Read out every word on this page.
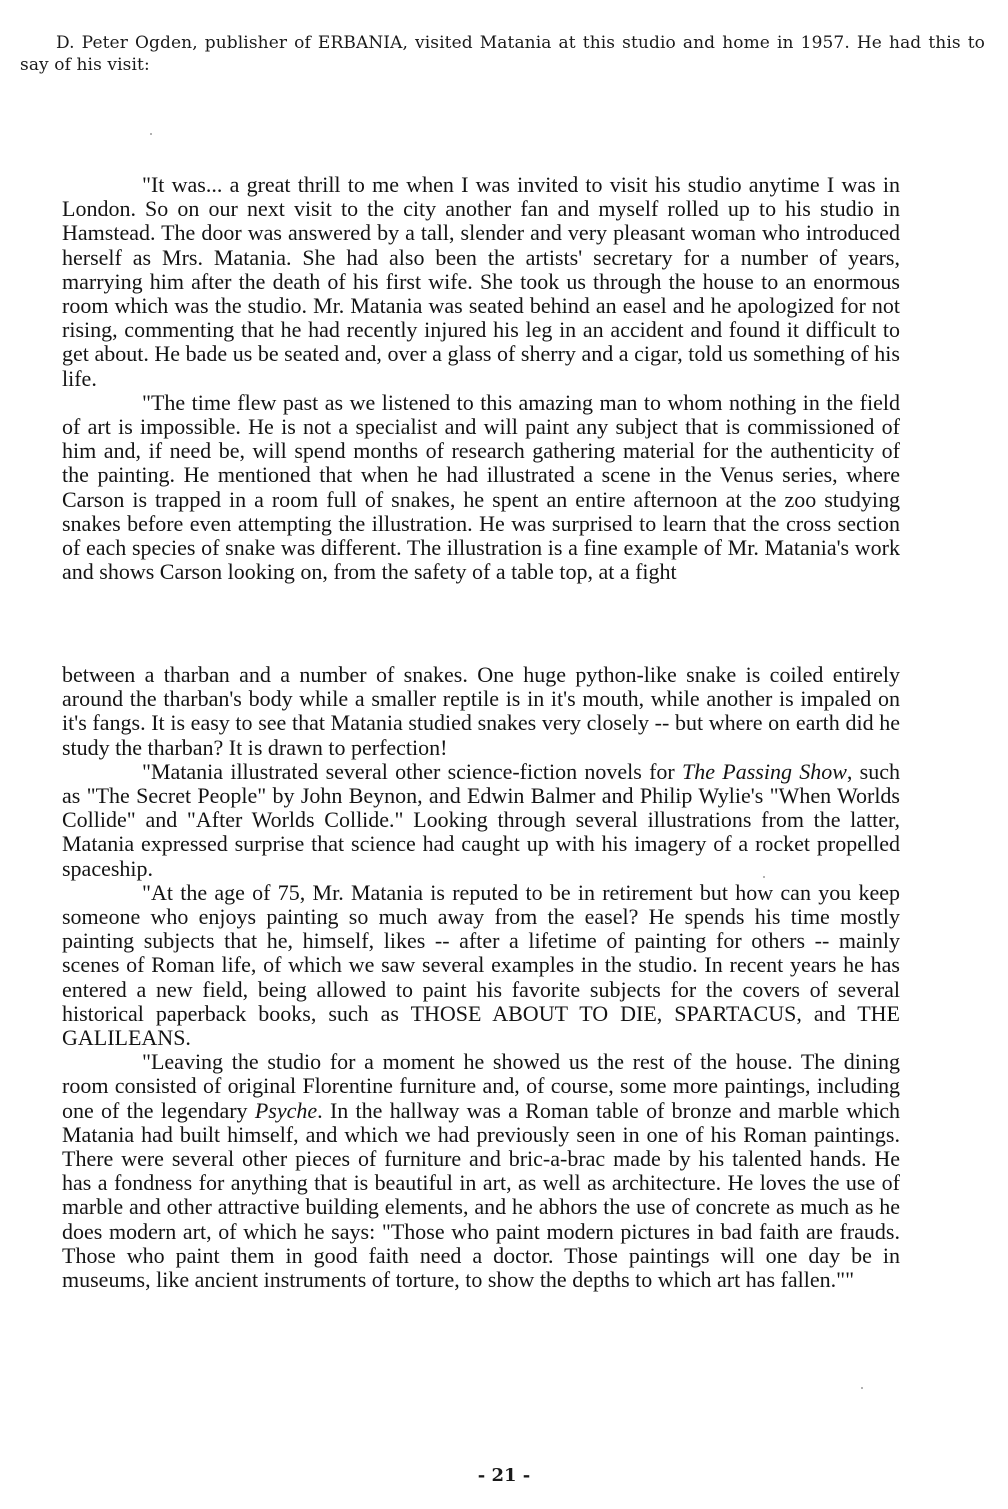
D. Peter Ogden, publisher of ERBANIA, visited Matania at this studio and home in 1957. He had this to say of his visit:

"It was... a great thrill to me when I was invited to visit his studio anytime I was in London. So on our next visit to the city another fan and myself rolled up to his studio in Hamstead. The door was answered by a tall, slender and very pleasant woman who introduced herself as Mrs. Matania. She had also been the artists' secretary for a number of years, marrying him after the death of his first wife. She took us through the house to an enormous room which was the studio. Mr. Matania was seated behind an easel and he apologized for not rising, commenting that he had recently injured his leg in an accident and found it difficult to get about. He bade us be seated and, over a glass of sherry and a cigar, told us something of his life.

"The time flew past as we listened to this amazing man to whom nothing in the field of art is impossible. He is not a specialist and will paint any subject that is commissioned of him and, if need be, will spend months of research gathering material for the authenticity of the painting. He mentioned that when he had illustrated a scene in the Venus series, where Carson is trapped in a room full of snakes, he spent an entire afternoon at the zoo studying snakes before even attempting the illustration. He was surprised to learn that the cross section of each species of snake was different. The illustration is a fine example of Mr. Matania's work and shows Carson looking on, from the safety of a table top, at a fight

between a tharban and a number of snakes. One huge python-like snake is coiled entirely around the tharban's body while a smaller reptile is in it's mouth, while another is impaled on it's fangs. It is easy to see that Matania studied snakes very closely -- but where on earth did he study the tharban? It is drawn to perfection!

"Matania illustrated several other science-fiction novels for The Passing Show, such as "The Secret People" by John Beynon, and Edwin Balmer and Philip Wylie's "When Worlds Collide" and "After Worlds Collide." Looking through several illustrations from the latter, Matania expressed surprise that science had caught up with his imagery of a rocket propelled spaceship.

"At the age of 75, Mr. Matania is reputed to be in retirement but how can you keep someone who enjoys painting so much away from the easel? He spends his time mostly painting subjects that he, himself, likes -- after a lifetime of painting for others -- mainly scenes of Roman life, of which we saw several examples in the studio. In recent years he has entered a new field, being allowed to paint his favorite subjects for the covers of several historical paperback books, such as THOSE ABOUT TO DIE, SPARTACUS, and THE GALILEANS.

"Leaving the studio for a moment he showed us the rest of the house. The dining room consisted of original Florentine furniture and, of course, some more paintings, including one of the legendary Psyche. In the hallway was a Roman table of bronze and marble which Matania had built himself, and which we had previously seen in one of his Roman paintings. There were several other pieces of furniture and bric-a-brac made by his talented hands. He has a fondness for anything that is beautiful in art, as well as architecture. He loves the use of marble and other attractive building elements, and he abhors the use of concrete as much as he does modern art, of which he says: "Those who paint modern pictures in bad faith are frauds. Those who paint them in good faith need a doctor. Those paintings will one day be in museums, like ancient instruments of torture, to show the depths to which art has fallen.""

- 21 -
